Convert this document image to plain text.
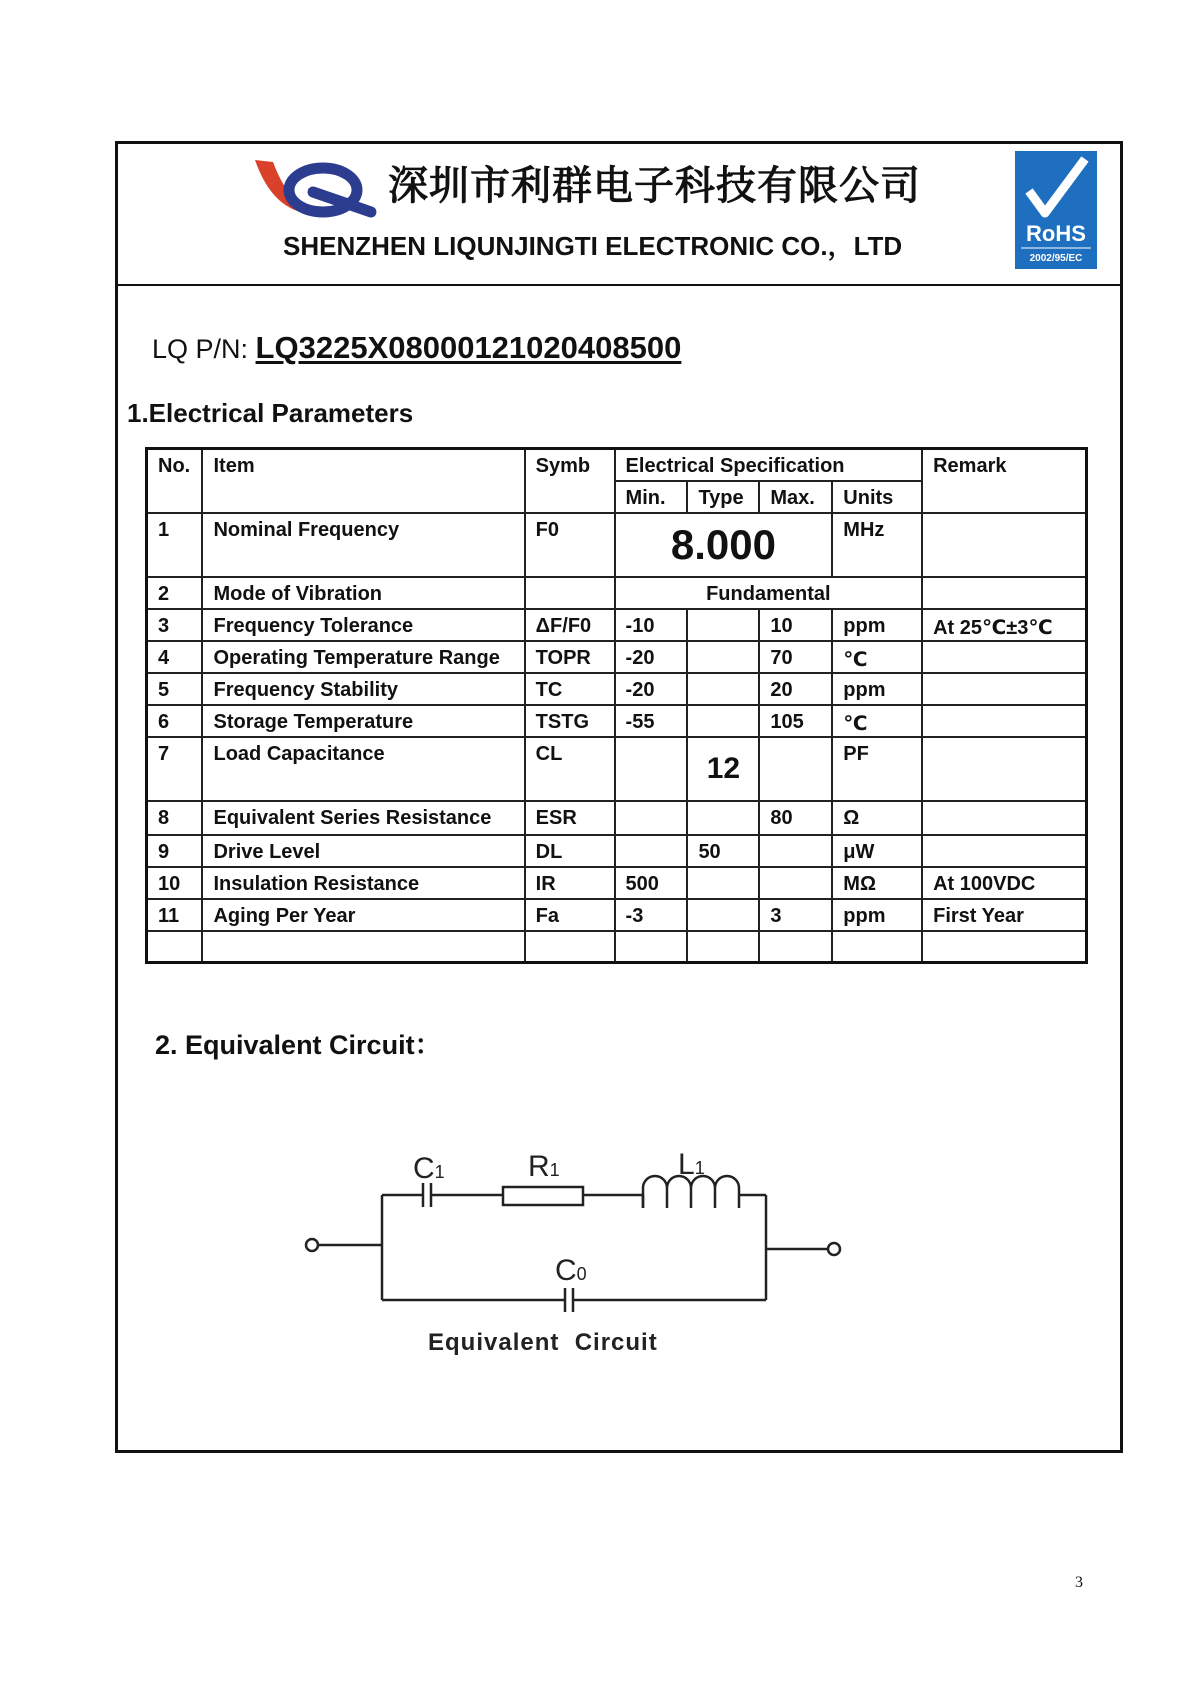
深圳市利群电子科技有限公司
SHENZHEN LIQUNJINGTI ELECTRONIC CO.，LTD	RoHS
2002/95/EC
LQ P/N: LQ3225X08000121020408500
1.Electrical Parameters
No.	Item	Symb	Electrical Specification				Remark
			Min.	Type	Max.	Units	
1	Nominal Frequency	F0	8.000			MHz	
2	Mode of Vibration		Fundamental				
3	Frequency Tolerance	ΔF/F0	-10		10	ppm	At 25℃±3℃
4	Operating Temperature Range	TOPR	-20		70	℃	
5	Frequency Stability	TC	-20		20	ppm	
6	Storage Temperature	TSTG	-55		105	℃	
7	Load Capacitance	CL		12		PF	
8	Equivalent Series Resistance	ESR			80	Ω	
9	Drive Level	DL		50		μW	
10	Insulation Resistance	IR	500			MΩ	At 100VDC
11	Aging Per Year	Fa	-3		3	ppm	First Year

2. Equivalent Circuit：
C1	R1	L1
C0
Equivalent  Circuit
3
